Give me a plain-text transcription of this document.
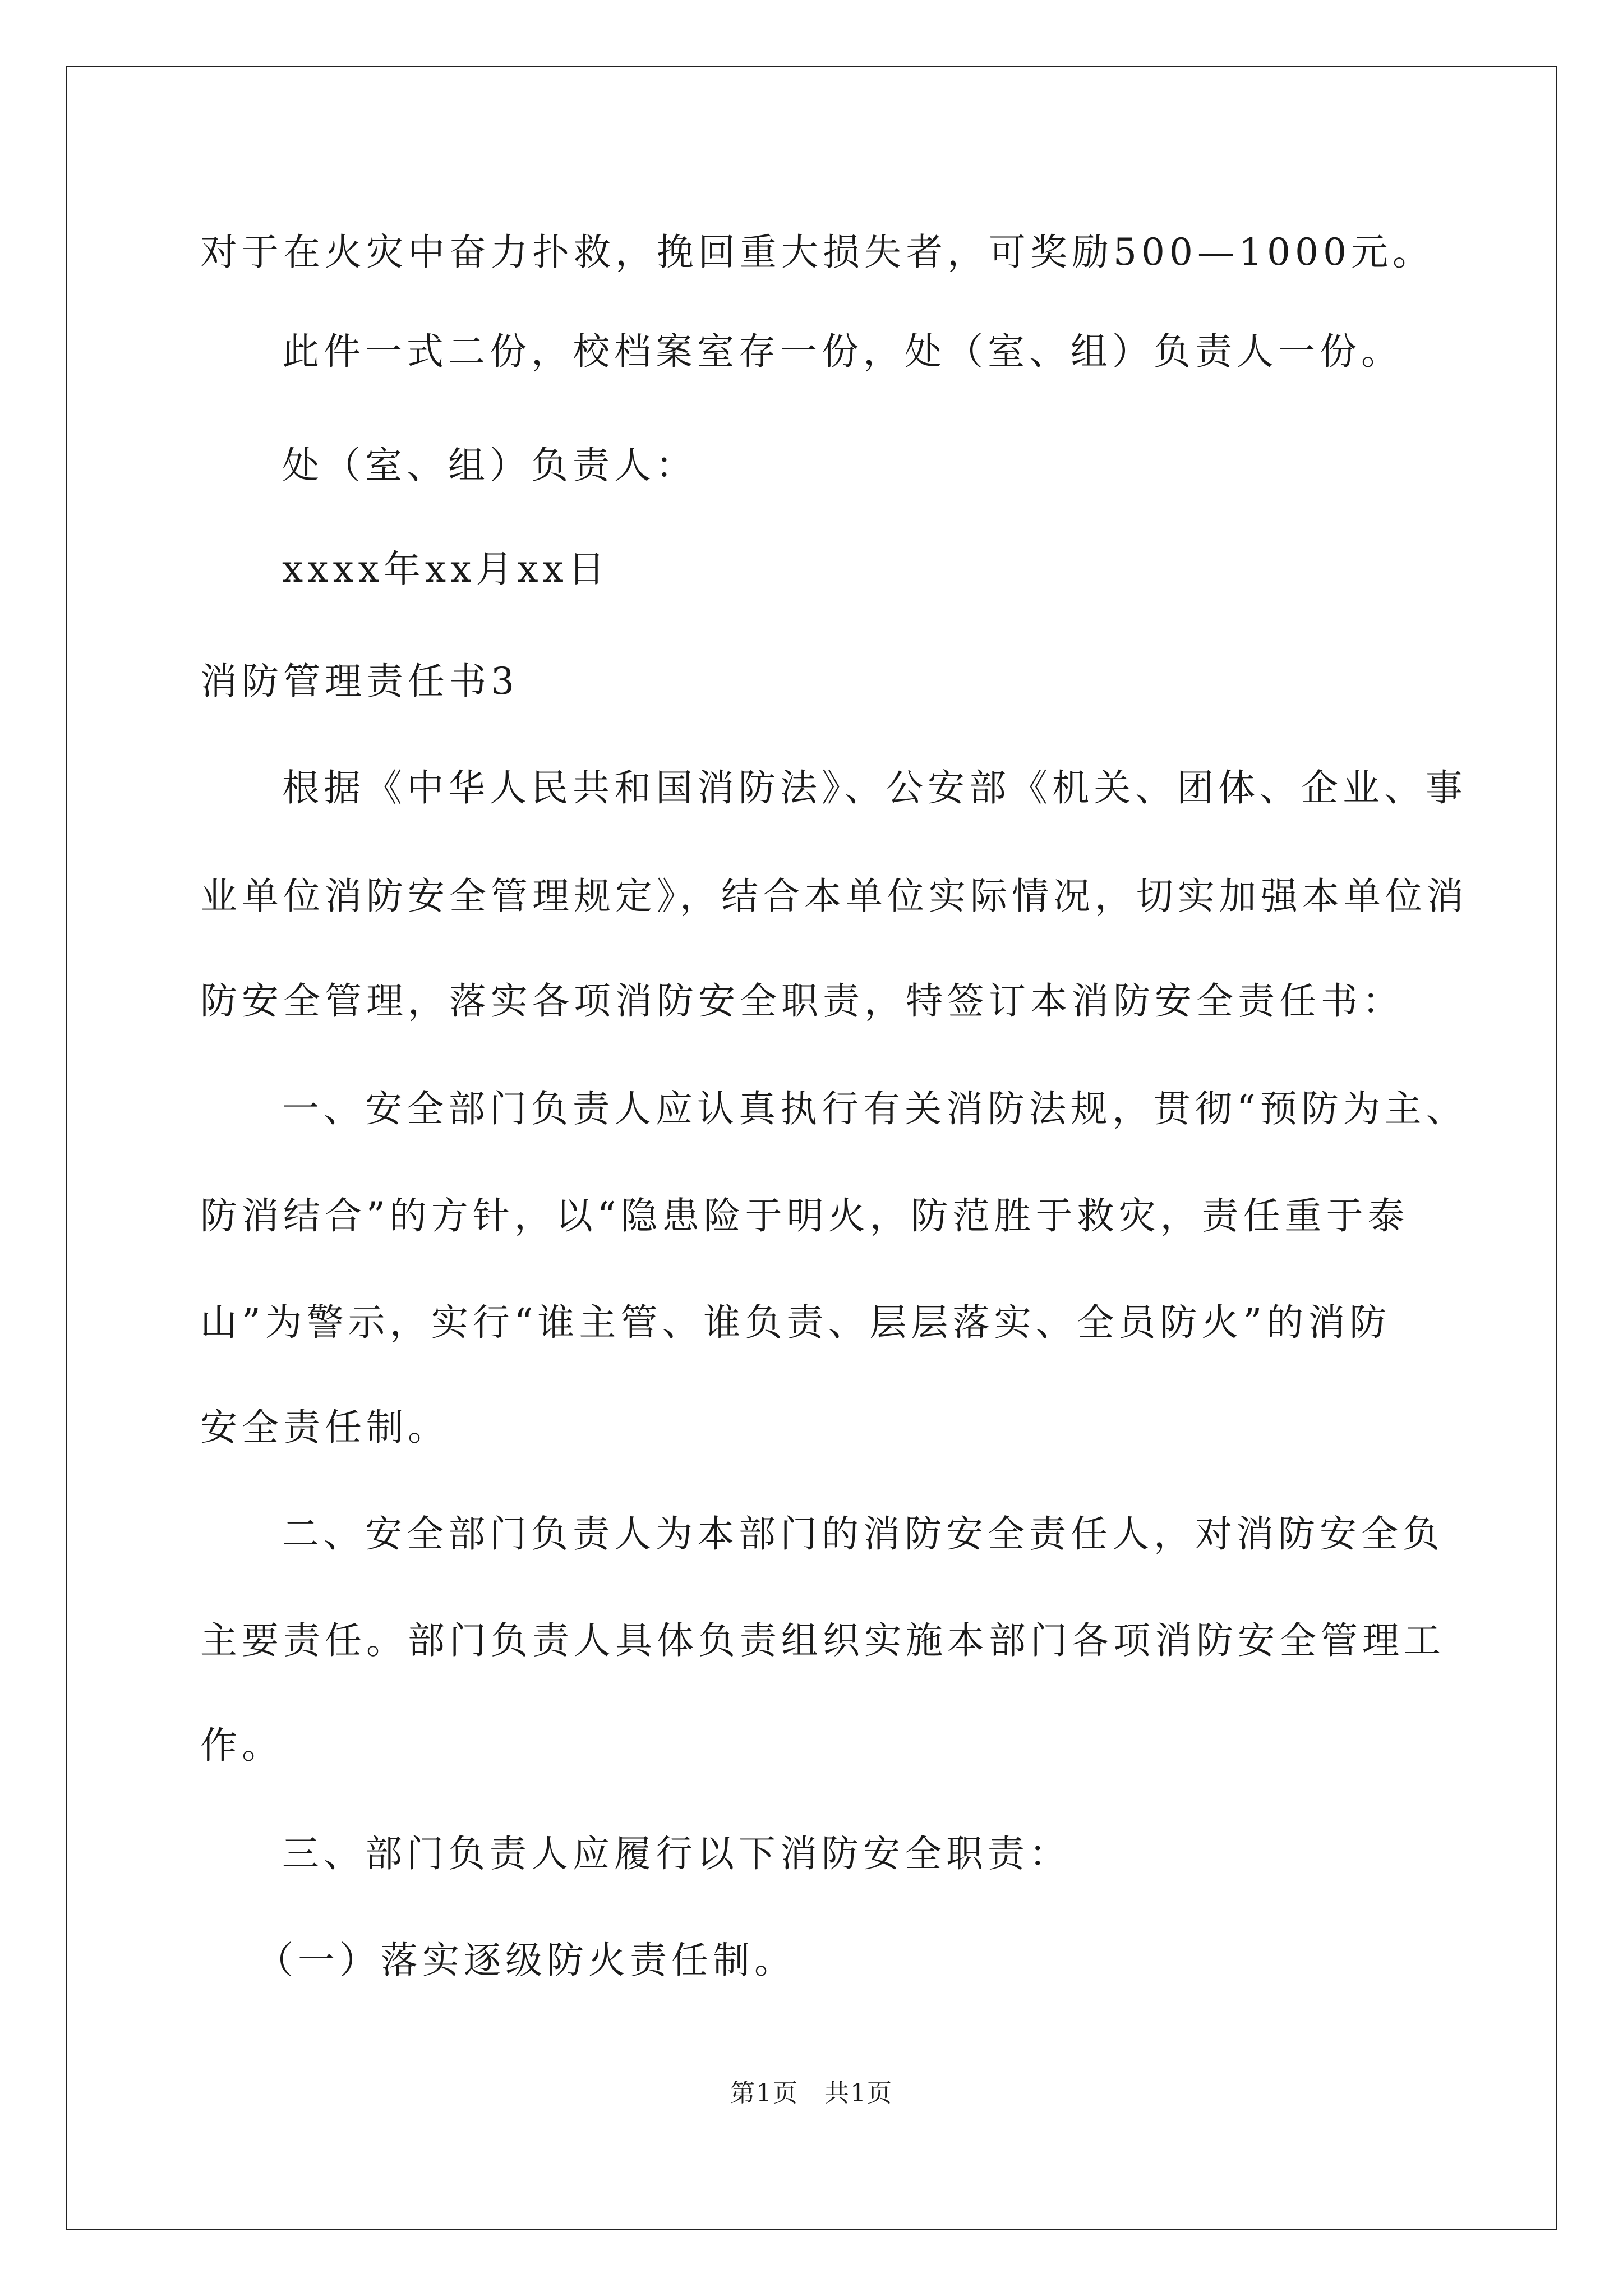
对于在火灾中奋力扑救，挽回重大损失者，可奖励500—1000元。
此件一式二份，校档案室存一份，处（室、组）负责人一份。
处（室、组）负责人：
xxxx年xx月xx日
消防管理责任书3
根据《中华人民共和国消防法》、公安部《机关、团体、企业、事
业单位消防安全管理规定》，结合本单位实际情况，切实加强本单位消
防安全管理，落实各项消防安全职责，特签订本消防安全责任书：
一、安全部门负责人应认真执行有关消防法规，贯彻“预防为主、
防消结合”的方针，以“隐患险于明火，防范胜于救灾，责任重于泰
山”为警示，实行“谁主管、谁负责、层层落实、全员防火”的消防
安全责任制。
二、安全部门负责人为本部门的消防安全责任人，对消防安全负
主要责任。部门负责人具体负责组织实施本部门各项消防安全管理工
作。
三、部门负责人应履行以下消防安全职责：
（一）落实逐级防火责任制。
第1页　共1页
